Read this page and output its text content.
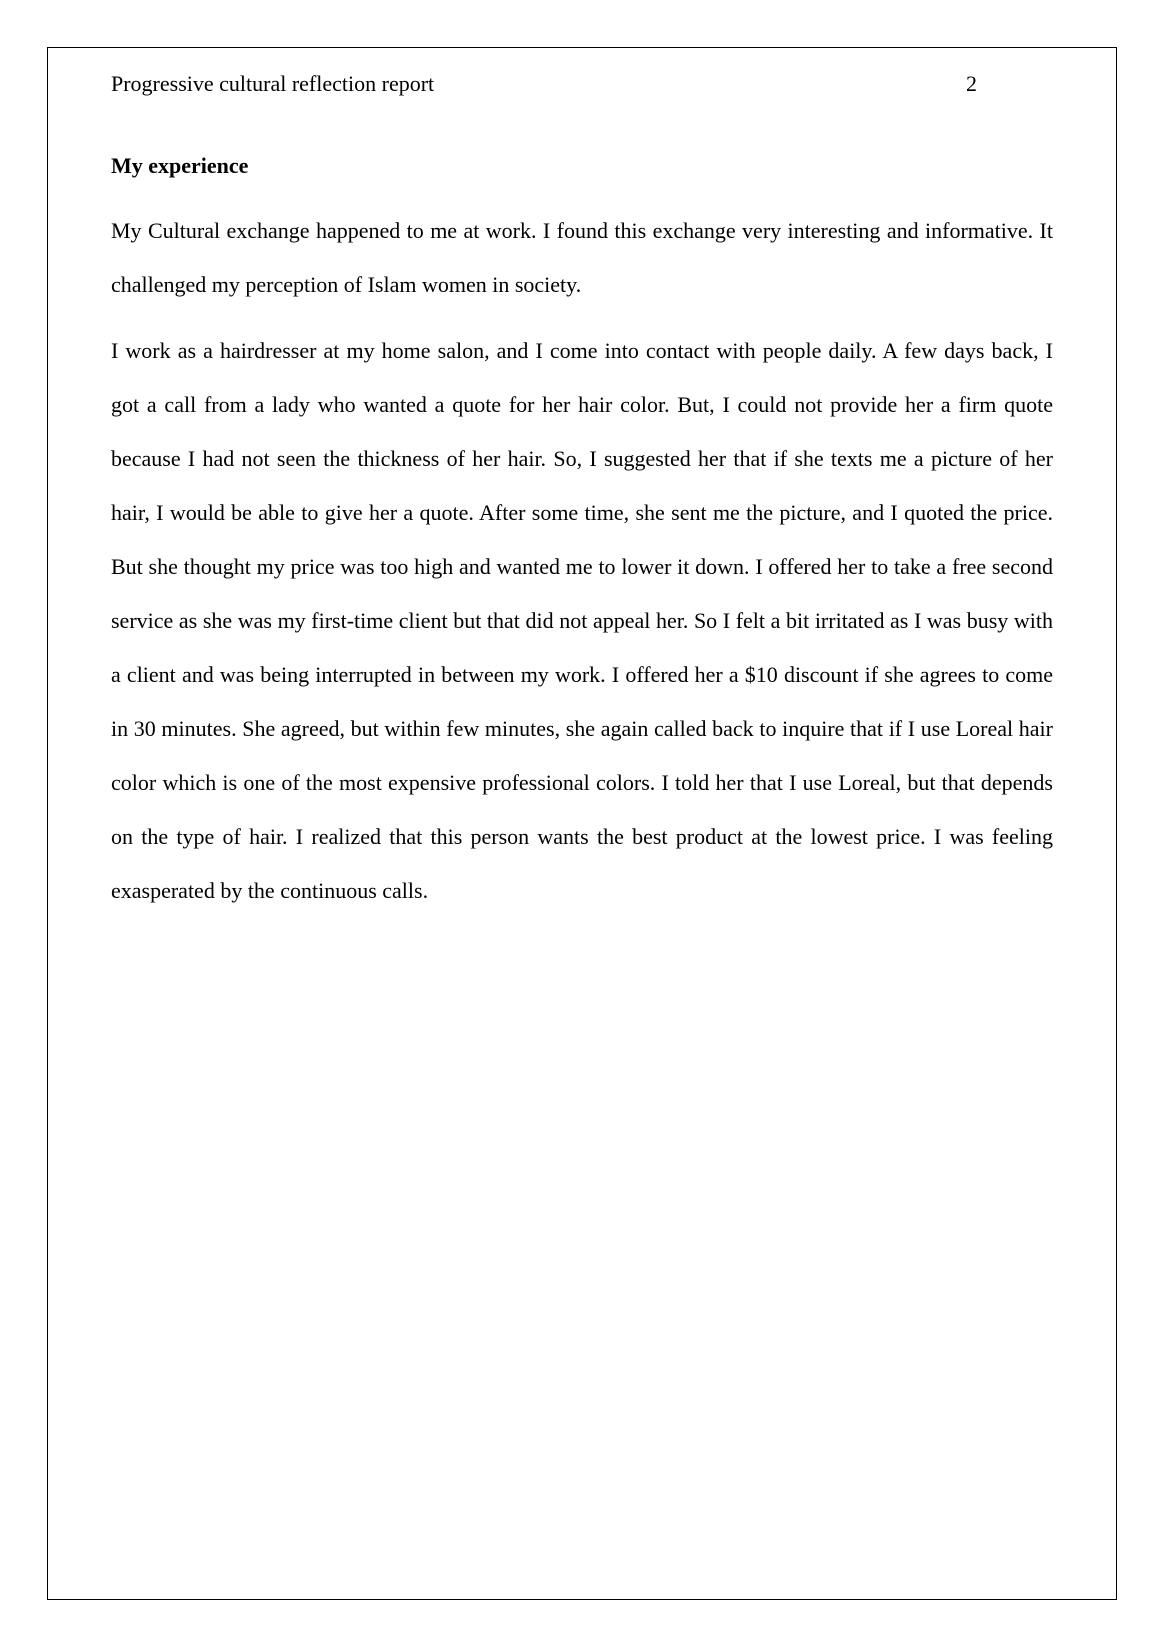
Progressive cultural reflection report	2
My experience

My Cultural exchange happened to me at work. I found this exchange very interesting and informative. It challenged my perception of Islam women in society.

I work as a hairdresser at my home salon, and I come into contact with people daily. A few days back, I got a call from a lady who wanted a quote for her hair color. But, I could not provide her a firm quote because I had not seen the thickness of her hair. So, I suggested her that if she texts me a picture of her hair, I would be able to give her a quote. After some time, she sent me the picture, and I quoted the price. But she thought my price was too high and wanted me to lower it down. I offered her to take a free second service as she was my first-time client but that did not appeal her. So I felt a bit irritated as I was busy with a client and was being interrupted in between my work. I offered her a $10 discount if she agrees to come in 30 minutes. She agreed, but within few minutes, she again called back to inquire that if I use Loreal hair color which is one of the most expensive professional colors. I told her that I use Loreal, but that depends on the type of hair. I realized that this person wants the best product at the lowest price. I was feeling exasperated by the continuous calls.
